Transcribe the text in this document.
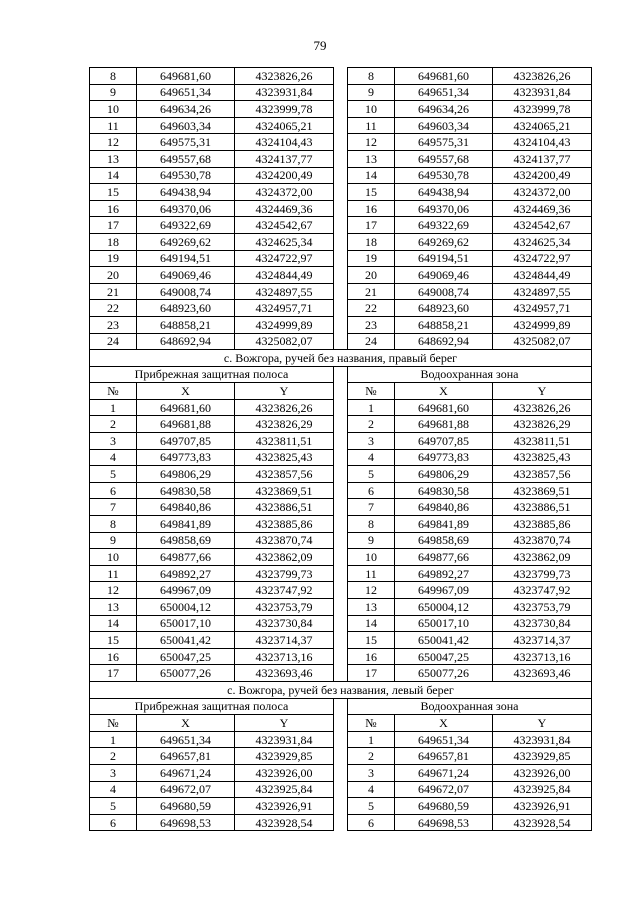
79
8	649681,60	4323826,26		8	649681,60	4323826,26
9	649651,34	4323931,84		9	649651,34	4323931,84
10	649634,26	4323999,78		10	649634,26	4323999,78
11	649603,34	4324065,21		11	649603,34	4324065,21
12	649575,31	4324104,43		12	649575,31	4324104,43
13	649557,68	4324137,77		13	649557,68	4324137,77
14	649530,78	4324200,49		14	649530,78	4324200,49
15	649438,94	4324372,00		15	649438,94	4324372,00
16	649370,06	4324469,36		16	649370,06	4324469,36
17	649322,69	4324542,67		17	649322,69	4324542,67
18	649269,62	4324625,34		18	649269,62	4324625,34
19	649194,51	4324722,97		19	649194,51	4324722,97
20	649069,46	4324844,49		20	649069,46	4324844,49
21	649008,74	4324897,55		21	649008,74	4324897,55
22	648923,60	4324957,71		22	648923,60	4324957,71
23	648858,21	4324999,89		23	648858,21	4324999,89
24	648692,94	4325082,07		24	648692,94	4325082,07
с. Вожгора, ручей без названия, правый берег						
Прибрежная защитная полоса				Водоохранная зона		
№	X	Y		№	X	Y
1	649681,60	4323826,26		1	649681,60	4323826,26
2	649681,88	4323826,29		2	649681,88	4323826,29
3	649707,85	4323811,51		3	649707,85	4323811,51
4	649773,83	4323825,43		4	649773,83	4323825,43
5	649806,29	4323857,56		5	649806,29	4323857,56
6	649830,58	4323869,51		6	649830,58	4323869,51
7	649840,86	4323886,51		7	649840,86	4323886,51
8	649841,89	4323885,86		8	649841,89	4323885,86
9	649858,69	4323870,74		9	649858,69	4323870,74
10	649877,66	4323862,09		10	649877,66	4323862,09
11	649892,27	4323799,73		11	649892,27	4323799,73
12	649967,09	4323747,92		12	649967,09	4323747,92
13	650004,12	4323753,79		13	650004,12	4323753,79
14	650017,10	4323730,84		14	650017,10	4323730,84
15	650041,42	4323714,37		15	650041,42	4323714,37
16	650047,25	4323713,16		16	650047,25	4323713,16
17	650077,26	4323693,46		17	650077,26	4323693,46
с. Вожгора, ручей без названия, левый берег						
Прибрежная защитная полоса				Водоохранная зона		
№	X	Y		№	X	Y
1	649651,34	4323931,84		1	649651,34	4323931,84
2	649657,81	4323929,85		2	649657,81	4323929,85
3	649671,24	4323926,00		3	649671,24	4323926,00
4	649672,07	4323925,84		4	649672,07	4323925,84
5	649680,59	4323926,91		5	649680,59	4323926,91
6	649698,53	4323928,54		6	649698,53	4323928,54
